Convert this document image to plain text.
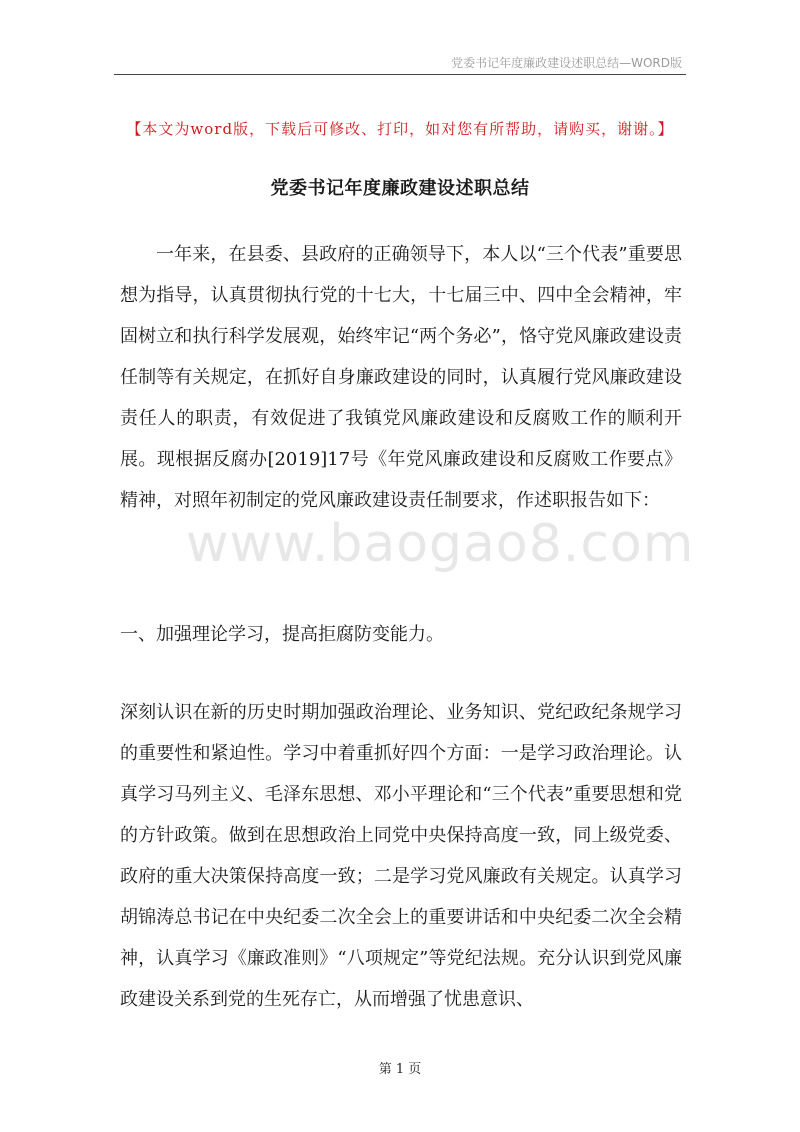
党委书记年度廉政建设述职总结—WORD版
【本文为word版，下载后可修改、打印，如对您有所帮助，请购买，谢谢。】
党委书记年度廉政建设述职总结
一年来，在县委、县政府的正确领导下，本人以“三个代表”重要思想为指导，认真贯彻执行党的十七大，十七届三中、四中全会精神，牢固树立和执行科学发展观，始终牢记“两个务必”，恪守党风廉政建设责任制等有关规定，在抓好自身廉政建设的同时，认真履行党风廉政建设责任人的职责，有效促进了我镇党风廉政建设和反腐败工作的顺利开展。现根据反腐办[2019]17号《年党风廉政建设和反腐败工作要点》精神，对照年初制定的党风廉政建设责任制要求，作述职报告如下：
www.baogao8.com
一、加强理论学习，提高拒腐防变能力。
深刻认识在新的历史时期加强政治理论、业务知识、党纪政纪条规学习的重要性和紧迫性。学习中着重抓好四个方面：一是学习政治理论。认真学习马列主义、毛泽东思想、邓小平理论和“三个代表”重要思想和党的方针政策。做到在思想政治上同党中央保持高度一致，同上级党委、政府的重大决策保持高度一致；二是学习党风廉政有关规定。认真学习胡锦涛总书记在中央纪委二次全会上的重要讲话和中央纪委二次全会精神，认真学习《廉政准则》“八项规定”等党纪法规。充分认识到党风廉政建设关系到党的生死存亡，从而增强了忧患意识、
第 1 页
